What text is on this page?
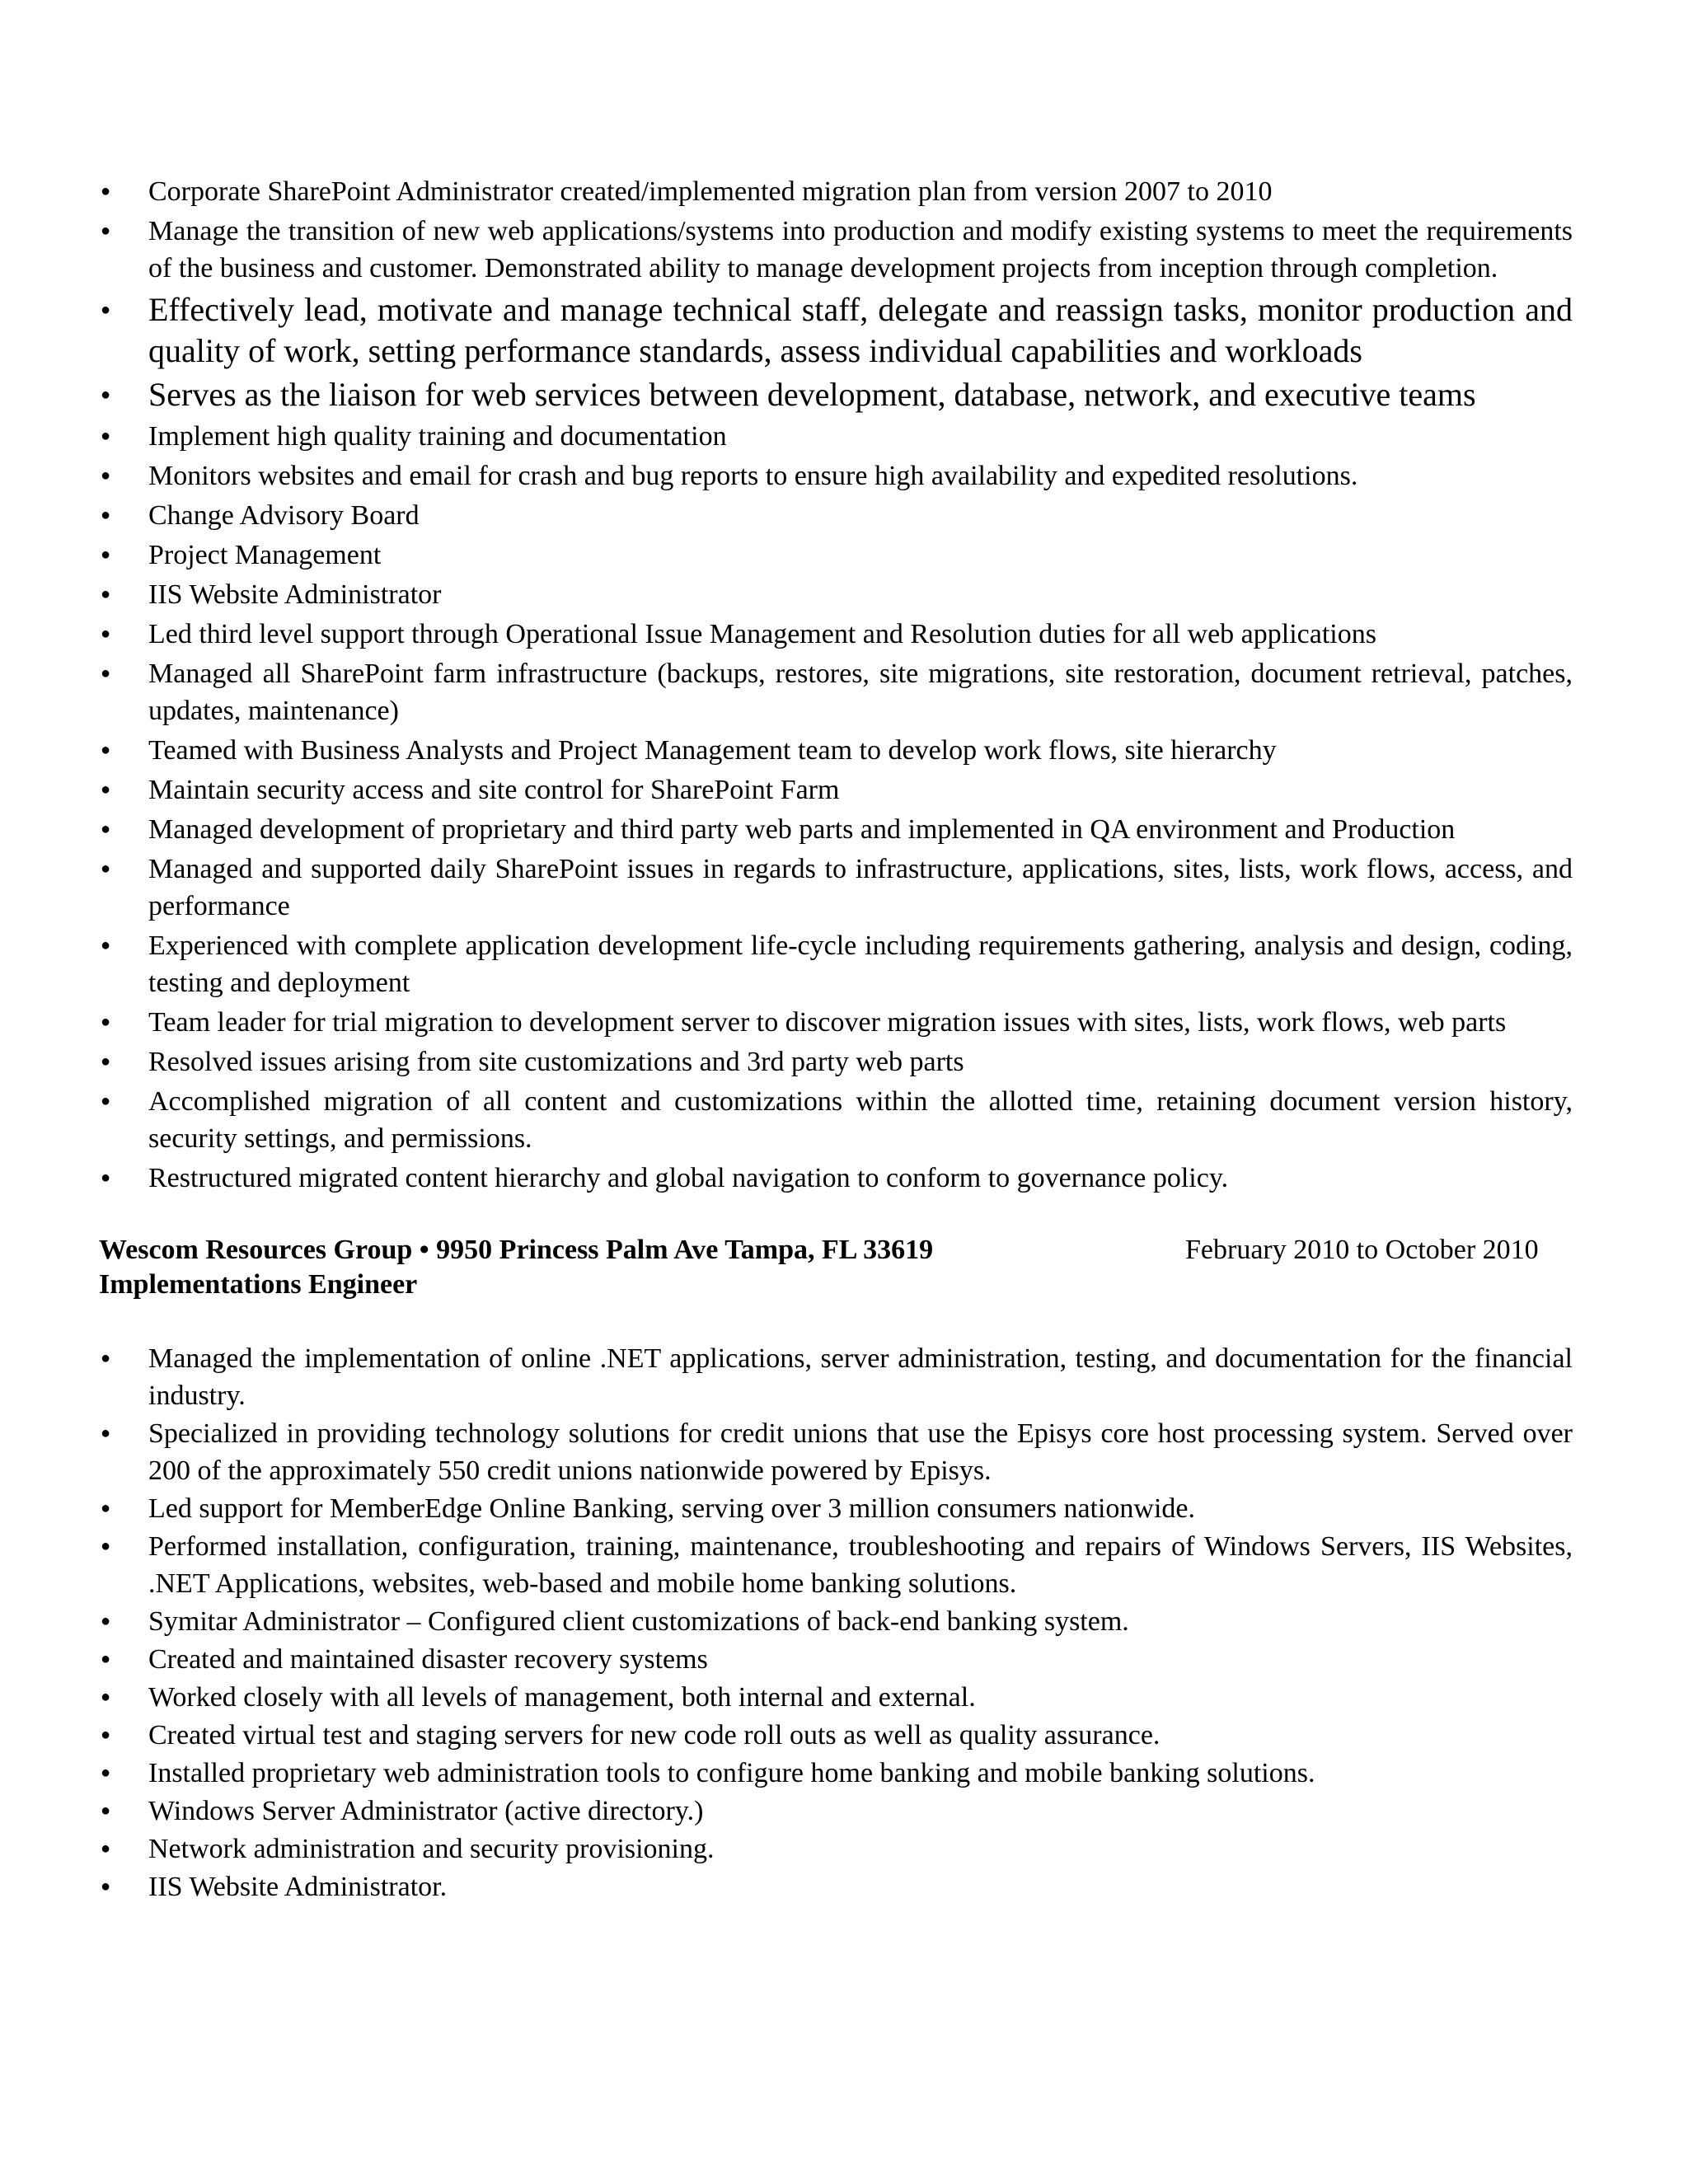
● Corporate SharePoint Administrator created/implemented migration plan from version 2007 to 2010
● Manage the transition of new web applications/systems into production and modify existing systems to meet the requirements of the business and customer. Demonstrated ability to manage development projects from inception through completion.
● Effectively lead, motivate and manage technical staff, delegate and reassign tasks, monitor production and quality of work, setting performance standards, assess individual capabilities and workloads
● Serves as the liaison for web services between development, database, network, and executive teams
● Implement high quality training and documentation
● Monitors websites and email for crash and bug reports to ensure high availability and expedited resolutions.
● Change Advisory Board
● Project Management
● IIS Website Administrator
● Led third level support through Operational Issue Management and Resolution duties for all web applications
● Managed all SharePoint farm infrastructure (backups, restores, site migrations, site restoration, document retrieval, patches, updates, maintenance)
● Teamed with Business Analysts and Project Management team to develop work flows, site hierarchy
● Maintain security access and site control for SharePoint Farm
● Managed development of proprietary and third party web parts and implemented in QA environment and Production
● Managed and supported daily SharePoint issues in regards to infrastructure, applications, sites, lists, work flows, access, and performance
● Experienced with complete application development life-cycle including requirements gathering, analysis and design, coding, testing and deployment
● Team leader for trial migration to development server to discover migration issues with sites, lists, work flows, web parts
● Resolved issues arising from site customizations and 3rd party web parts
● Accomplished migration of all content and customizations within the allotted time, retaining document version history, security settings, and permissions.
● Restructured migrated content hierarchy and global navigation to conform to governance policy.
Wescom Resources Group • 9950 Princess Palm Ave Tampa, FL 33619	February 2010 to October 2010
Implementations Engineer
● Managed the implementation of online .NET applications, server administration, testing, and documentation for the financial industry.
● Specialized in providing technology solutions for credit unions that use the Episys core host processing system. Served over 200 of the approximately 550 credit unions nationwide powered by Episys.
● Led support for MemberEdge Online Banking, serving over 3 million consumers nationwide.
● Performed installation, configuration, training, maintenance, troubleshooting and repairs of Windows Servers, IIS Websites, .NET Applications, websites, web-based and mobile home banking solutions.
● Symitar Administrator – Configured client customizations of back-end banking system.
● Created and maintained disaster recovery systems
● Worked closely with all levels of management, both internal and external.
● Created virtual test and staging servers for new code roll outs as well as quality assurance.
● Installed proprietary web administration tools to configure home banking and mobile banking solutions.
● Windows Server Administrator (active directory.)
● Network administration and security provisioning.
● IIS Website Administrator.
